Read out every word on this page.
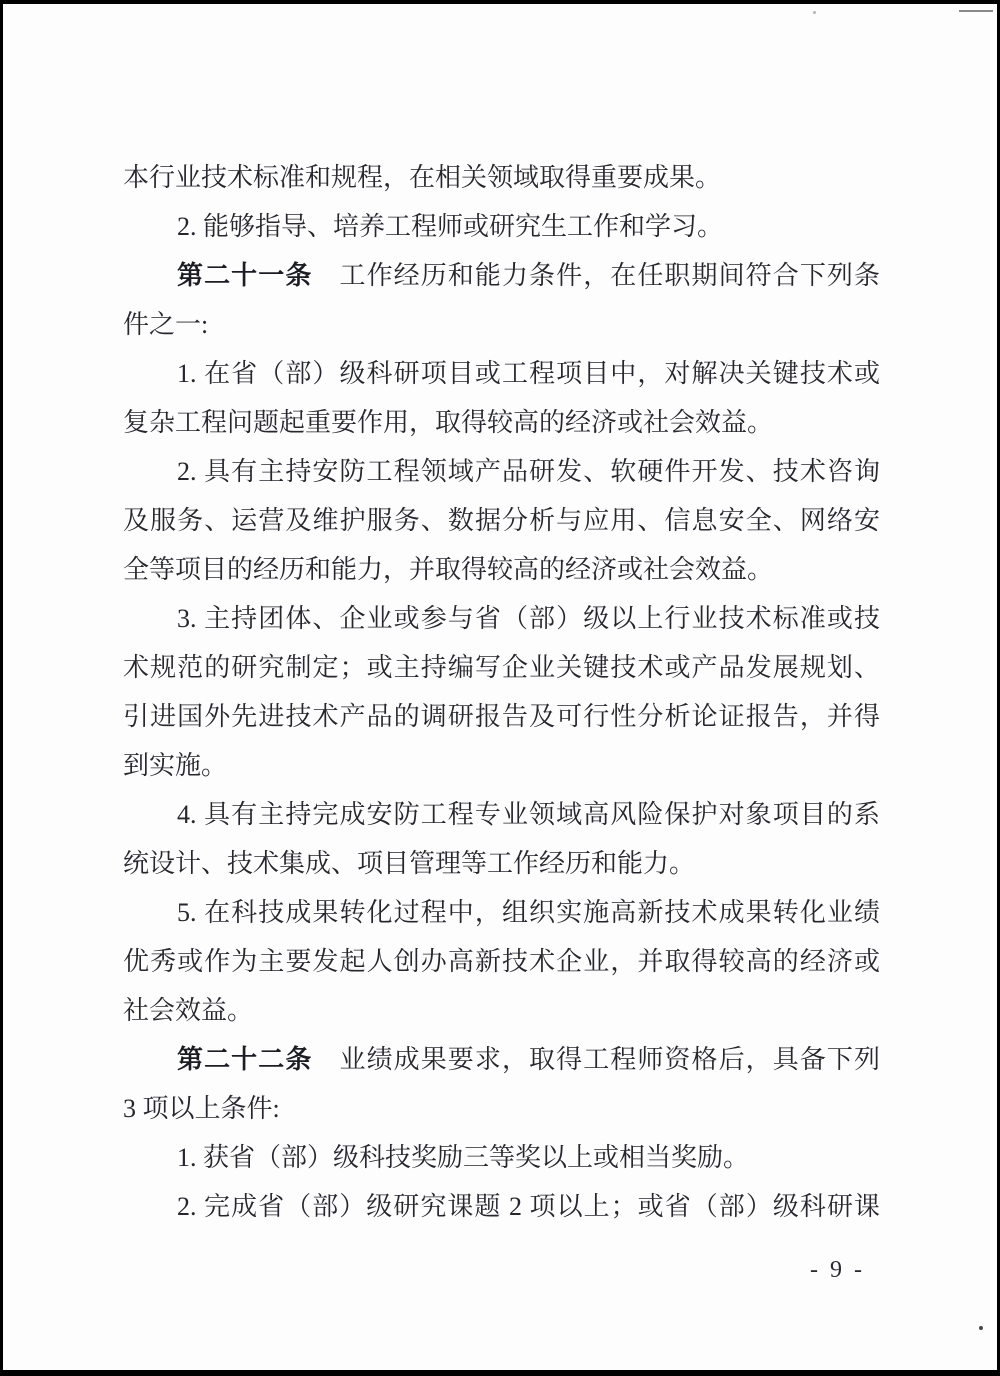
本行业技术标准和规程，在相关领域取得重要成果。
2. 能够指导、培养工程师或研究生工作和学习。
第二十一条　工作经历和能力条件，在任职期间符合下列条
件之一:
1. 在省（部）级科研项目或工程项目中，对解决关键技术或
复杂工程问题起重要作用，取得较高的经济或社会效益。
2. 具有主持安防工程领域产品研发、软硬件开发、技术咨询
及服务、运营及维护服务、数据分析与应用、信息安全、网络安
全等项目的经历和能力，并取得较高的经济或社会效益。
3. 主持团体、企业或参与省（部）级以上行业技术标准或技
术规范的研究制定；或主持编写企业关键技术或产品发展规划、
引进国外先进技术产品的调研报告及可行性分析论证报告，并得
到实施。
4. 具有主持完成安防工程专业领域高风险保护对象项目的系
统设计、技术集成、项目管理等工作经历和能力。
5. 在科技成果转化过程中，组织实施高新技术成果转化业绩
优秀或作为主要发起人创办高新技术企业，并取得较高的经济或
社会效益。
第二十二条　业绩成果要求，取得工程师资格后，具备下列
3 项以上条件:
1. 获省（部）级科技奖励三等奖以上或相当奖励。
2. 完成省（部）级研究课题 2 项以上；或省（部）级科研课
- 9 -
